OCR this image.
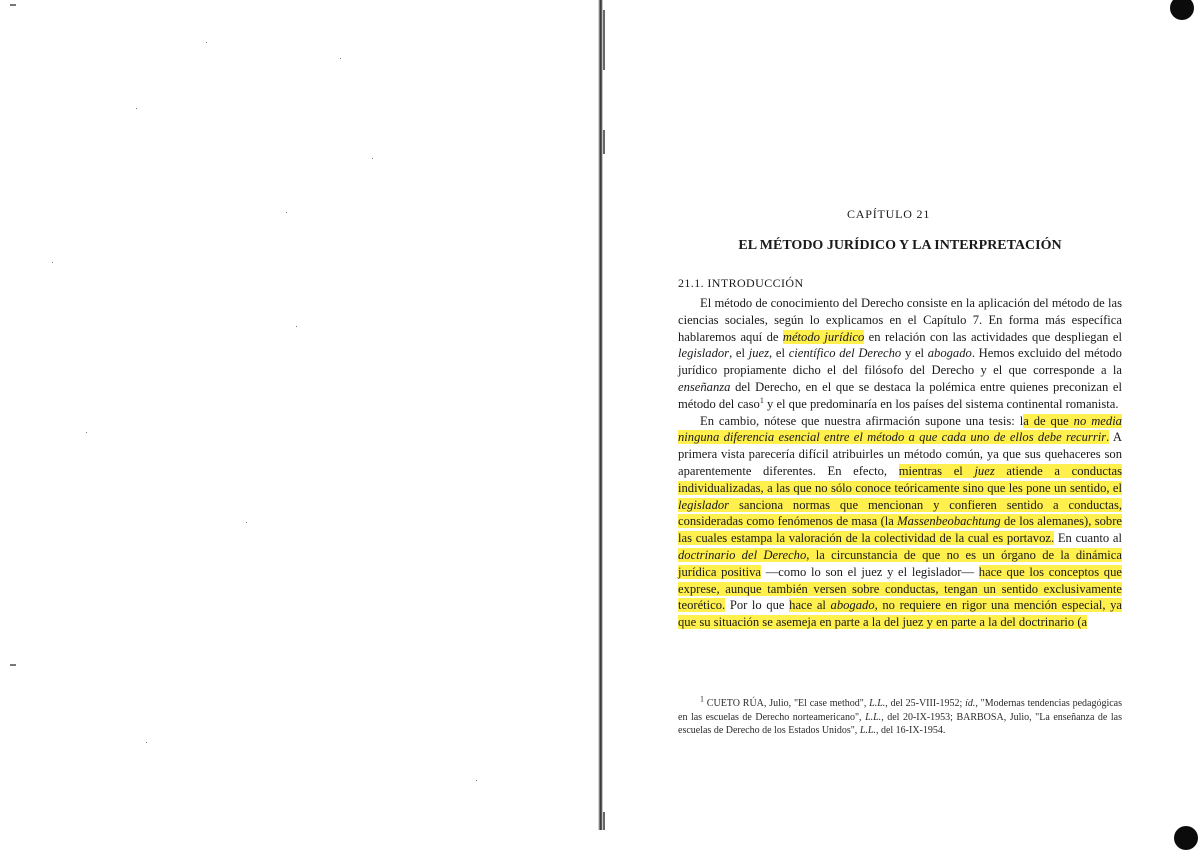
CAPÍTULO 21
EL MÉTODO JURÍDICO Y LA INTERPRETACIÓN
21.1. INTRODUCCIÓN

El método de conocimiento del Derecho consiste en la aplicación del método de las ciencias sociales, según lo explicamos en el Capítulo 7. En forma más específica hablaremos aquí de método jurídico en relación con las actividades que despliegan el legislador, el juez, el científico del Derecho y el abogado. Hemos excluido del método jurídico propiamente dicho el del filósofo del Derecho y el que corresponde a la enseñanza del Derecho, en el que se destaca la polémica entre quienes preconizan el método del caso$^1$ y el que predominaría en los países del sistema continental romanista.

En cambio, nótese que nuestra afirmación supone una tesis: la de que no media ninguna diferencia esencial entre el método a que cada uno de ellos debe recurrir. A primera vista parecería difícil atribuirles un método común, ya que sus quehaceres son aparentemente diferentes. En efecto, mientras el juez atiende a conductas individualizadas, a las que no sólo conoce teóricamente sino que les pone un sentido, el legislador sanciona normas que mencionan y confieren sentido a conductas, consideradas como fenómenos de masa (la Massenbeobachtung de los alemanes), sobre las cuales estampa la valoración de la colectividad de la cual es portavoz. En cuanto al doctrinario del Derecho, la circunstancia de que no es un órgano de la dinámica jurídica positiva —como lo son el juez y el legislador— hace que los conceptos que exprese, aunque también versen sobre conductas, tengan un sentido exclusivamente teorético. Por lo que hace al abogado, no requiere en rigor una mención especial, ya que su situación se asemeja en parte a la del juez y en parte a la del doctrinario (a

$^1$ CUETO RÚA, Julio, "El case method", L.L., del 25-VIII-1952; íd., "Modernas tendencias pedagógicas en las escuelas de Derecho norteamericano", L.L., del 20-IX-1953; BARBOSA, Julio, "La enseñanza de las escuelas de Derecho de los Estados Unidos", L.L., del 16-IX-1954.
